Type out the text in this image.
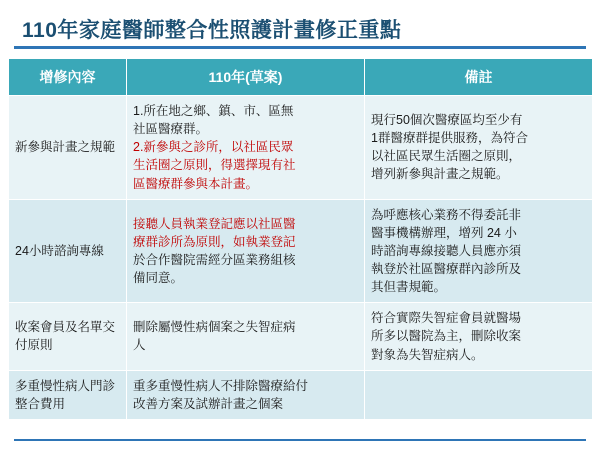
110年家庭醫師整合性照護計畫修正重點
增修內容	110年(草案)	備註
新參與計畫之規範	1.所在地之鄉、鎮、市、區無
社區醫療群。
2.新參與之診所，以社區民眾
生活圈之原則，得選擇現有社
區醫療群參與本計畫。	現行50個次醫療區均至少有
1群醫療群提供服務，為符合
以社區民眾生活圈之原則，
增列新參與計畫之規範。

24小時諮詢專線	接聽人員執業登記應以社區醫
療群診所為原則，如執業登記
於合作醫院需經分區業務組核
備同意。	為呼應核心業務不得委託非
醫事機構辦理，增列 24 小
時諮詢專線接聽人員應亦須
執登於社區醫療群內診所及
其但書規範。

收案會員及名單交付原則	刪除屬慢性病個案之失智症病
人	符合實際失智症會員就醫場
所多以醫院為主，刪除收案
對象為失智症病人。

多重慢性病人門診整合費用	重多重慢性病人不排除醫療給付
改善方案及試辦計畫之個案	
